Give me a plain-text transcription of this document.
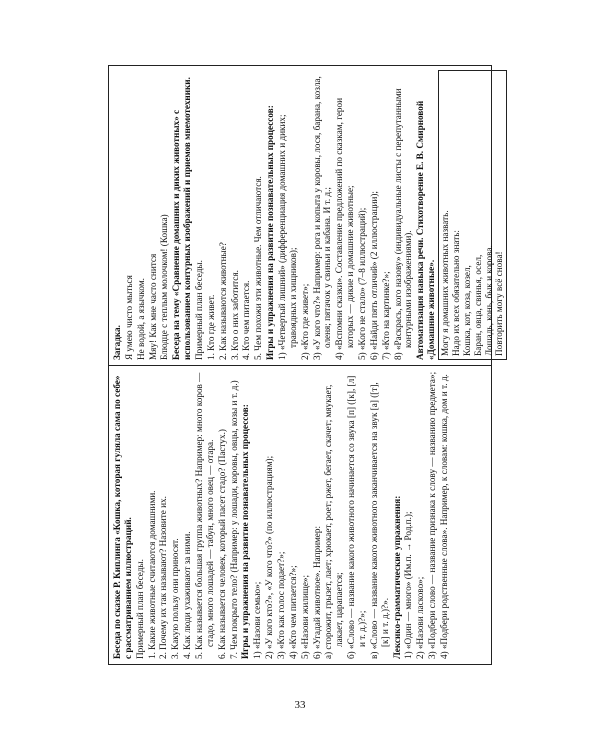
Беседа по сказке Р. Киплинга «Кошка, которая гуляла сама по себе» с рассматриванием иллюстраций. Примерный план беседы. 1. Какие животные считаются домашними. 2. Почему их так называют? Назовите их. 3. Какую пользу они приносят. 4. Как люди ухаживают за ними. 5. Как называется большая группа животных? Например: много коров — стадо, много лошадей — табун, много овец — отара. 6. Как называется человек, который пасет стадо? (Пастух.) 7. Чем покрыто тело? (Например: у лошади, коровы, овцы, козы и т. д.) Игры и упражнения на развитие познавательных процессов: 1) «Назови семью»; 2) «У кого кто?», «У кого что?» (по иллюстрациям); 3) «Кто как голос подает?»; 4) «Кто чем питается?»; 5) «Назови жилище»; 6) «Угадай животное». Например: а) сторожит, грызет, лает; хрюкает, роет; ржет, бегает, скачет; мяукает, лакает, царапается; б) «Слово — название какого животного начинается со звука [п] ([к], [л] и т. д.)?»; в) «Слово — название какого животного заканчивается на звук [а] ([т], [к] и т. д.)?». Лексико-грамматические упражнения: 1) «Один — много» (Им.п. → Род.п.); 2) «Назови ласково»; 3) «Подбери слово — название признака к слову — названию предмета»; 4) «Подбери родственные слова». Например, к словам: кошка, дом и т. д.
Загадка. Я умею чисто мыться Не водой, а язычком. Мяу! Как мне часто снится Блюдце с теплым молочком! (Кошка) Беседа на тему «Сравнение домашних и диких животных» с использованием контурных изображений и приемов мнемотехники. Примерный план беседы. 1. Кто где живет. 2. Как называются животные? 3. Кто о них заботится. 4. Кто чем питается. 5. Чем похожи эти животные. Чем отличаются. Игры и упражнения на развитие познавательных процессов: 1) «Четвертый лишний» (дифференциация домашних и диких; травоядных и хищников); 2) «Кто где живет»; 3) «У кого что?» Например: рога и копыта у коровы, лося, барана, козла, оленя; пятачок у свиньи и кабана. И т. д.; 4) «Вспомни сказки». Составление предложений по сказкам, герои которых — дикие и домашние животные; 5) «Кого не стало» (7–8 иллюстраций); 6) «Найди пять отличий» (2 иллюстрации); 7) «Кто на картинке?»; 8) «Раскрась, кого назову» (индивидуальные листы с перепутанными контурными изображениями). Автоматизация навыка речи. Стихотворение Е. В. Смирновой «Домашние животные». Могу я домашних животных назвать. Надо их всех обязательно знать: Кошка, кот, коза, козел, Баран, овца, свинья, осел, Лошадь, конь, бык и корова. Повторить могу всё снова!
33
